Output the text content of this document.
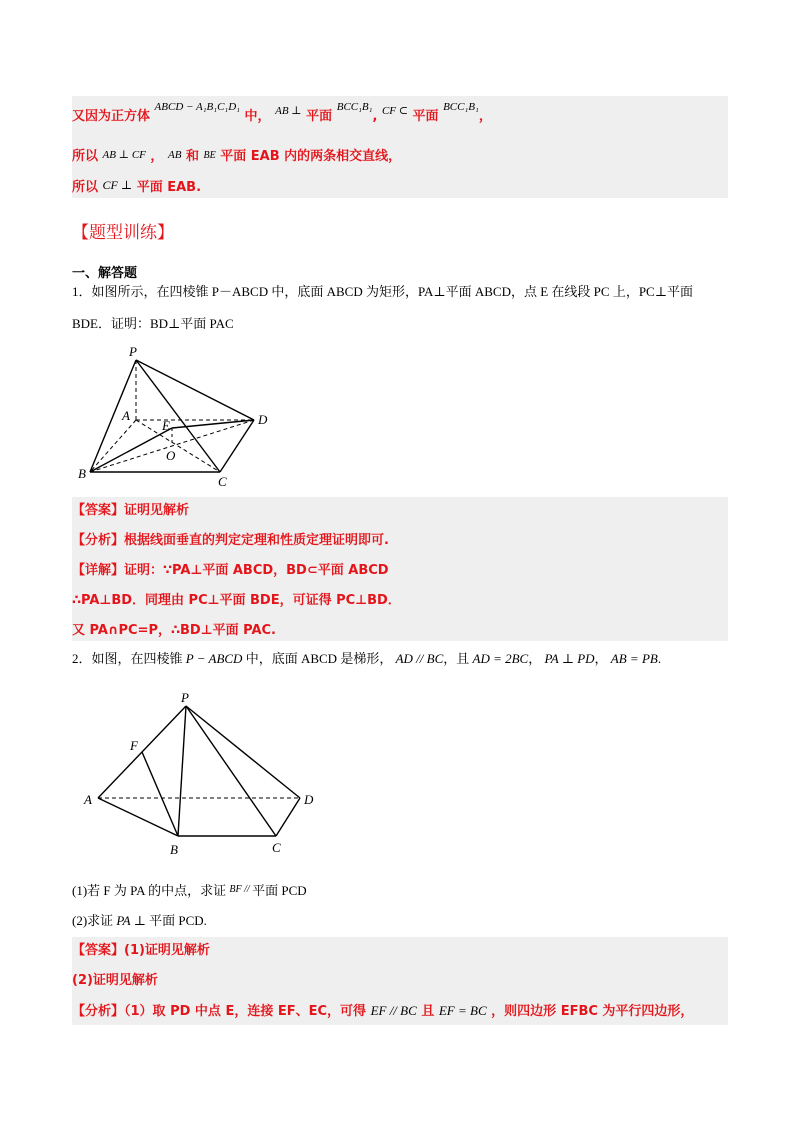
又因为正方体 $^{ABCD - A_1B_1C_1D_1}$ 中， $^{AB \perp}$ 平面 $^{BCC_1B_1}$, $^{CF \subset}$ 平面 $^{BCC_1B_1}$，
所以 AB ⊥ CF ， AB 和 BE 平面 EAB 内的两条相交直线，
所以 CF ⊥ 平面 EAB.
【题型训练】
一、解答题
1．如图所示，在四棱锥 P－ABCD 中，底面 ABCD 为矩形，PA⊥平面 ABCD，点 E 在线段 PC 上，PC⊥平面
BDE．证明：BD⊥平面 PAC
P
A
E	D
O
B
C
【答案】证明见解析
【分析】根据线面垂直的判定定理和性质定理证明即可.
【详解】证明：∵PA⊥平面 ABCD，BD⊂平面 ABCD
∴PA⊥BD．同理由 PC⊥平面 BDE，可证得 PC⊥BD．
又 PA∩PC=P，∴BD⊥平面 PAC.
2．如图，在四棱锥 P − ABCD 中，底面 ABCD 是梯形， AD // BC，且 AD = 2BC， PA ⊥ PD， AB = PB.
P
F
A	D
B	C
(1)若 F 为 PA 的中点，求证 $^{BF //}$ 平面 PCD
(2)求证 PA ⊥ 平面 PCD.
【答案】(1)证明见解析
(2)证明见解析
【分析】（1）取 PD 中点 E，连接 EF、EC，可得 EF // BC 且 EF = BC ，则四边形 EFBC 为平行四边形，
